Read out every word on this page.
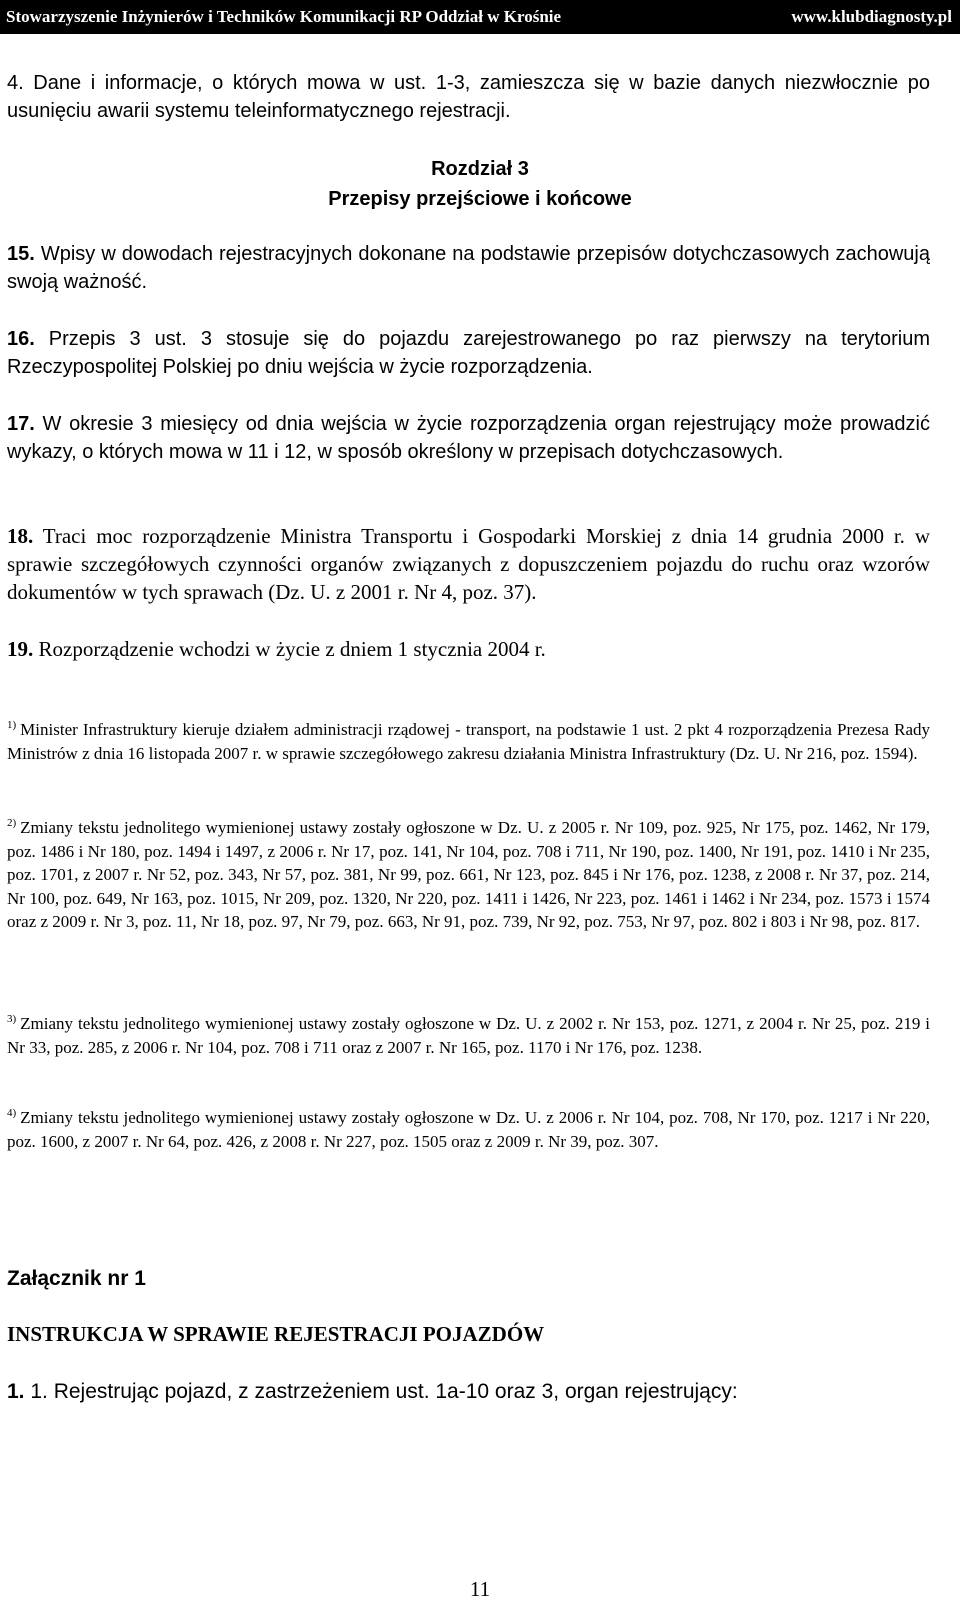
Stowarzyszenie Inżynierów i Techników Komunikacji RP Oddział w Krośnie	www.klubdiagnosty.pl
4. Dane i informacje, o których mowa w ust. 1-3, zamieszcza się w bazie danych niezwłocznie po usunięciu awarii systemu teleinformatycznego rejestracji.
Rozdział 3
Przepisy przejściowe i końcowe
15. Wpisy w dowodach rejestracyjnych dokonane na podstawie przepisów dotychczasowych zachowują swoją ważność.
16. Przepis 3 ust. 3 stosuje się do pojazdu zarejestrowanego po raz pierwszy na terytorium Rzeczypospolitej Polskiej po dniu wejścia w życie rozporządzenia.
17. W okresie 3 miesięcy od dnia wejścia w życie rozporządzenia organ rejestrujący może prowadzić wykazy, o których mowa w 11 i 12, w sposób określony w przepisach dotychczasowych.
18. Traci moc rozporządzenie Ministra Transportu i Gospodarki Morskiej z dnia 14 grudnia 2000 r. w sprawie szczegółowych czynności organów związanych z dopuszczeniem pojazdu do ruchu oraz wzorów dokumentów w tych sprawach (Dz. U. z 2001 r. Nr 4, poz. 37).
19. Rozporządzenie wchodzi w życie z dniem 1 stycznia 2004 r.
$^{1)}$ Minister Infrastruktury kieruje działem administracji rządowej - transport, na podstawie 1 ust. 2 pkt 4 rozporządzenia Prezesa Rady Ministrów z dnia 16 listopada 2007 r. w sprawie szczegółowego zakresu działania Ministra Infrastruktury (Dz. U. Nr 216, poz. 1594).
$^{2)}$ Zmiany tekstu jednolitego wymienionej ustawy zostały ogłoszone w Dz. U. z 2005 r. Nr 109, poz. 925, Nr 175, poz. 1462, Nr 179, poz. 1486 i Nr 180, poz. 1494 i 1497, z 2006 r. Nr 17, poz. 141, Nr 104, poz. 708 i 711, Nr 190, poz. 1400, Nr 191, poz. 1410 i Nr 235, poz. 1701, z 2007 r. Nr 52, poz. 343, Nr 57, poz. 381, Nr 99, poz. 661, Nr 123, poz. 845 i Nr 176, poz. 1238, z 2008 r. Nr 37, poz. 214, Nr 100, poz. 649, Nr 163, poz. 1015, Nr 209, poz. 1320, Nr 220, poz. 1411 i 1426, Nr 223, poz. 1461 i 1462 i Nr 234, poz. 1573 i 1574 oraz z 2009 r. Nr 3, poz. 11, Nr 18, poz. 97, Nr 79, poz. 663, Nr 91, poz. 739, Nr 92, poz. 753, Nr 97, poz. 802 i 803 i Nr 98, poz. 817.
$^{3)}$ Zmiany tekstu jednolitego wymienionej ustawy zostały ogłoszone w Dz. U. z 2002 r. Nr 153, poz. 1271, z 2004 r. Nr 25, poz. 219 i Nr 33, poz. 285, z 2006 r. Nr 104, poz. 708 i 711 oraz z 2007 r. Nr 165, poz. 1170 i Nr 176, poz. 1238.
$^{4)}$ Zmiany tekstu jednolitego wymienionej ustawy zostały ogłoszone w Dz. U. z 2006 r. Nr 104, poz. 708, Nr 170, poz. 1217 i Nr 220, poz. 1600, z 2007 r. Nr 64, poz. 426, z 2008 r. Nr 227, poz. 1505 oraz z 2009 r. Nr 39, poz. 307.
Załącznik nr 1
INSTRUKCJA W SPRAWIE REJESTRACJI POJAZDÓW
1. 1. Rejestrując pojazd, z zastrzeżeniem ust. 1a-10 oraz 3, organ rejestrujący:
11
